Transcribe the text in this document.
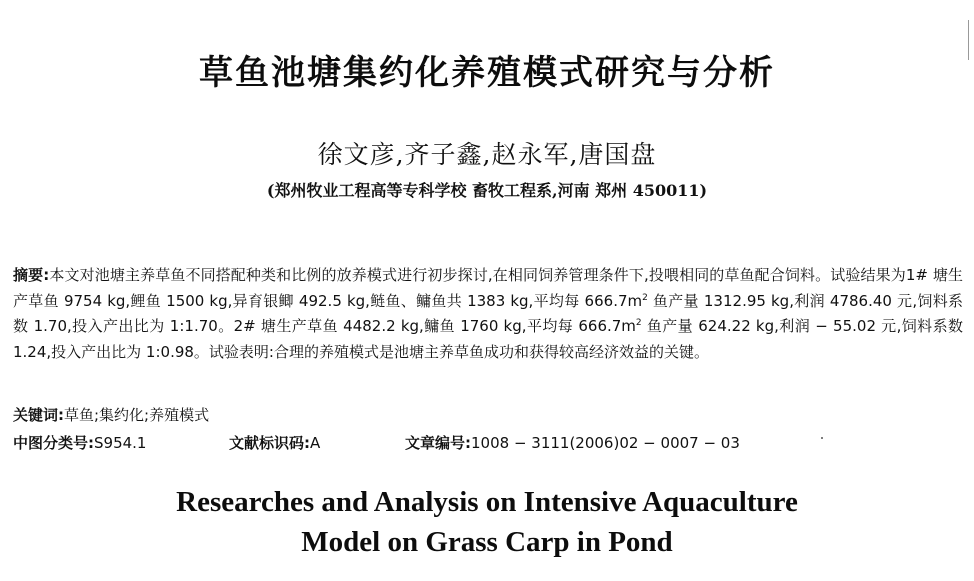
草鱼池塘集约化养殖模式研究与分析
徐文彦,齐子鑫,赵永军,唐国盘
(郑州牧业工程高等专科学校 畜牧工程系,河南 郑州 450011)
摘要:本文对池塘主养草鱼不同搭配种类和比例的放养模式进行初步探讨,在相同饲养管理条件下,投喂相同的草鱼配合饲料。试验结果为1# 塘生产草鱼 9754 kg,鲤鱼 1500 kg,异育银鲫 492.5 kg,鲢鱼、鳙鱼共 1383 kg,平均每 $666.7m^2$ 鱼产量 1312.95 kg,利润 4786.40 元,饲料系数 1.70,投入产出比为 1:1.70。2# 塘生产草鱼 4482.2 kg,鳙鱼 1760 kg,平均每 $666.7m^2$ 鱼产量 624.22 kg,利润 − 55.02 元,饲料系数 1.24,投入产出比为 1:0.98。试验表明:合理的养殖模式是池塘主养草鱼成功和获得较高经济效益的关键。
关键词:草鱼;集约化;养殖模式
中图分类号:S954.1	文献标识码:A	文章编号:1008 − 3111(2006)02 − 0007 − 03
Researches and Analysis on Intensive Aquaculture
Model on Grass Carp in Pond
